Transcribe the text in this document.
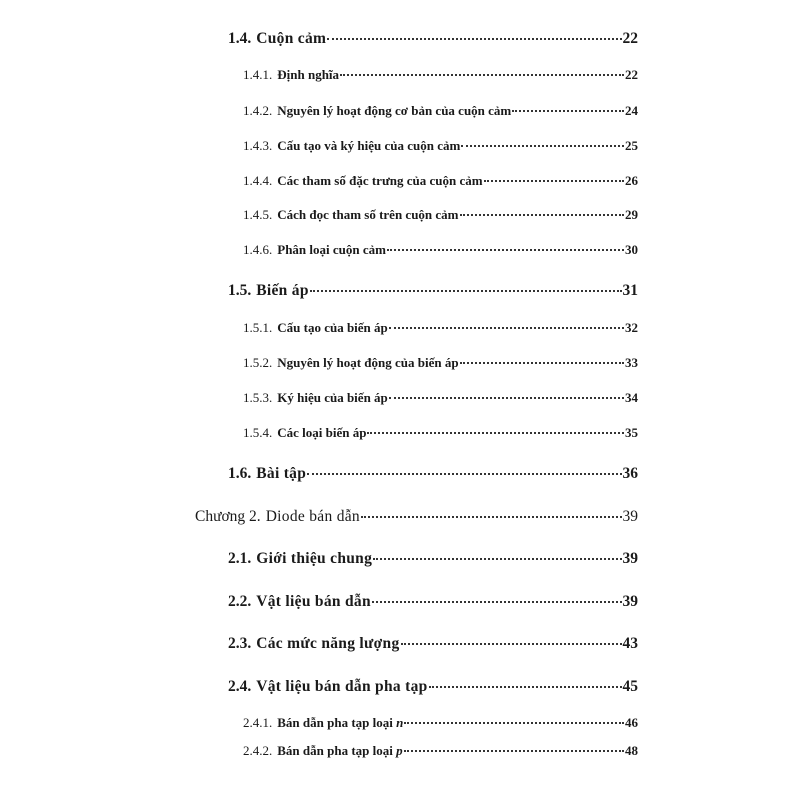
1.4. Cuộn cảm	22
1.4.1. Định nghĩa	22
1.4.2. Nguyên lý hoạt động cơ bản của cuộn cảm	24
1.4.3. Cấu tạo và ký hiệu của cuộn cảm	25
1.4.4. Các tham số đặc trưng của cuộn cảm	26
1.4.5. Cách đọc tham số trên cuộn cảm	29
1.4.6. Phân loại cuộn cảm	30
1.5. Biến áp	31
1.5.1. Cấu tạo của biến áp	32
1.5.2. Nguyên lý hoạt động của biến áp	33
1.5.3. Ký hiệu của biến áp	34
1.5.4. Các loại biến áp	35
1.6. Bài tập	36
Chương 2. Diode bán dẫn	39
2.1. Giới thiệu chung	39
2.2. Vật liệu bán dẫn	39
2.3. Các mức năng lượng	43
2.4. Vật liệu bán dẫn pha tạp	45
2.4.1. Bán dẫn pha tạp loại n	46
2.4.2. Bán dẫn pha tạp loại p	48
